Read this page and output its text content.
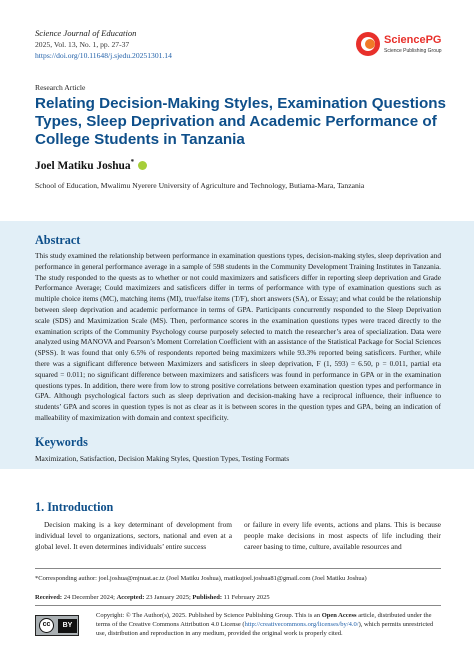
Science Journal of Education
2025, Vol. 13, No. 1, pp. 27-37
https://doi.org/10.11648/j.sjedu.20251301.14
SciencePG
Science Publishing Group
Research Article
Relating Decision-Making Styles, Examination Questions Types, Sleep Deprivation and Academic Performance of College Students in Tanzania
Joel Matiku Joshua*
School of Education, Mwalimu Nyerere University of Agriculture and Technology, Butiama-Mara, Tanzania
Abstract

This study examined the relationship between performance in examination questions types, decision-making styles, sleep deprivation and performance in general performance average in a sample of 598 students in the Community Development Training Institutes in Tanzania. The study responded to the quests as to whether or not could maximizers and satisficers differ in reporting sleep deprivation and Grade Performance Average; Could maximizers and satisficers differ in terms of performance with type of examination questions such as multiple choice items (MC), matching items (MI), true/false items (T/F), short answers (SA), or Essay; and what could be the relationship between sleep deprivation and academic performance in terms of GPA. Participants concurrently responded to the Sleep Deprivation scale (SDS) and Maximization Scale (MS). Then, performance scores in the examination questions types were traced directly to the examination scripts of the Community Psychology course purposely selected to match the researcher’s area of specialization. Data were analyzed using MANOVA and Pearson’s Moment Correlation Coefficient with an assistance of the Statistical Package for Social Sciences (SPSS). It was found that only 6.5% of respondents reported being maximizers while 93.3% reported being satisficers. Further, while there was a significant difference between Maximizers and satisficers in sleep deprivation, F (1, 593) = 6.50, p = 0.011, partial eta squared = 0.011; no significant difference between maximizers and satisficers was found in performance in GPA or in the examination questions types. In addition, there were from low to strong positive correlations between examination question types and performance in GPA. Although psychological factors such as sleep deprivation and decision-making have a reciprocal influence, their influence to students’ GPA and scores in question types is not as clear as it is between scores in the question types and GPA, being an indication of malleability of maximization with domain and context specificity.

Keywords

Maximization, Satisfaction, Decision Making Styles, Question Types, Testing Formats

1. Introduction

Decision making is a key determinant of development from individual level to organizations, sectors, national and even at a global level. It even determines individuals’ entire success

or failure in every life events, actions and plans. This is because people make decisions in most aspects of life including their career basing to time, culture, available resources and

*Corresponding author: joel.joshua@mjnuat.ac.tz (Joel Matiku Joshua), matikujoel.joshua81@gmail.com (Joel Matiku Joshua)
Received: 24 December 2024; Accepted: 23 January 2025; Published: 11 February 2025
cc	BY

Copyright: © The Author(s), 2025. Published by Science Publishing Group. This is an Open Access article, distributed under the terms of the Creative Commons Attribution 4.0 License (http://creativecommons.org/licenses/by/4.0/), which permits unrestricted use, distribution and reproduction in any medium, provided the original work is properly cited.
